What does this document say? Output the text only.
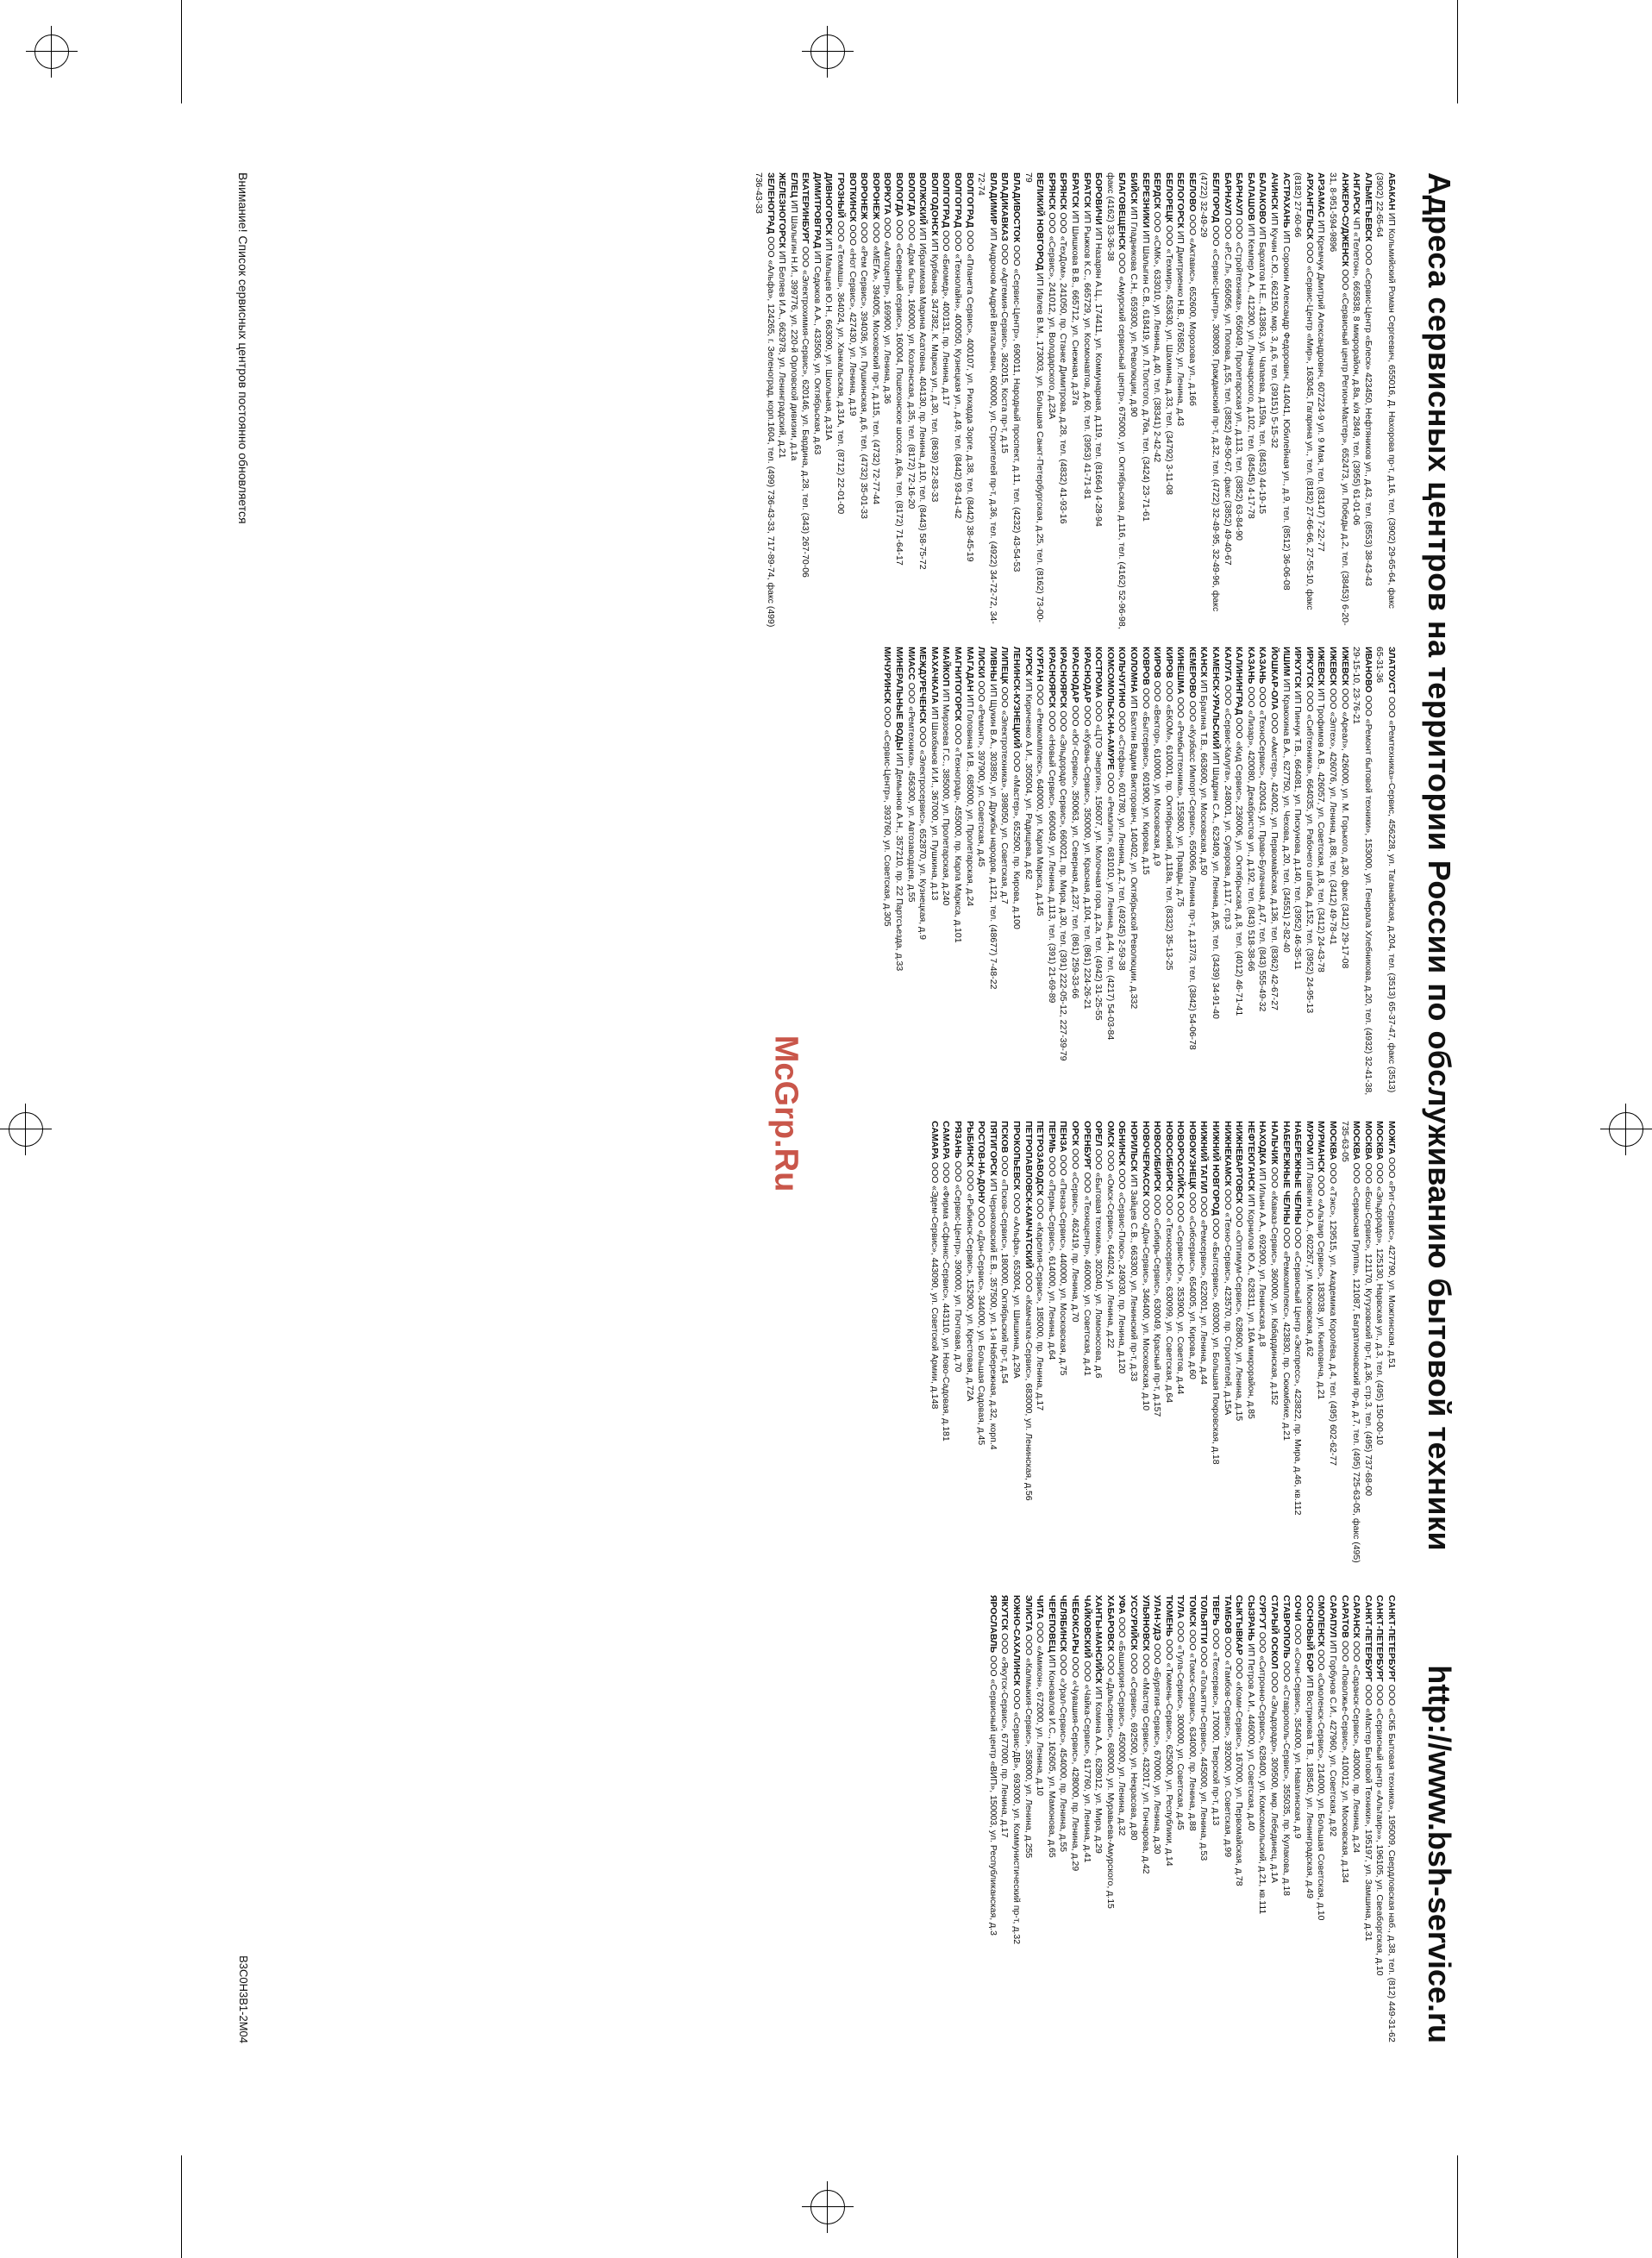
Адреса сервисных центров на территории России по обслуживанию бытовой техники
http://www.bsh-service.ru
АБАКАН ИП Кольмийский Роман Сергеевич, 655016, Д. Нахорова пр-т, д.16, тел. (3902) 29-65-64, факс (3902) 22-65-64
АЛЬМЕТЬЕВСК ООО «Сервис-Центр «Блеск» 423450, Нефтяников ул., д.43, тел. (8553) 38-43-43
АНГАРСК ЧП «Телетон», 665838, 8 микрорайон, д.8а, к/я 2849, тел. (3955) 61-01-06
АНЖЕРО-СУДЖЕНСК ООО «Сервисный центр Регион-Мастер», 652473, ул. Победы д.2, тел. (38453) 6-20-31, 8-951-594-9896
АРЗАМАС ИП Кремчук Дмитрий Александрович, 607224-9 ул. 9 Мая, тел. (83147) 7-22-77
АРХАНГЕЛЬСК ООО «Сервис-Центр «Мир», 163045, Гагарина ул., тел. (8182) 27-66-66, 27-55-10, факс (8182) 27-60-66
АСТРАХАНЬ ИП Сорокин Александр Федорович, 414041, Юбилейная ул., д.9, тел. (8512) 36-06-08
АЧИНСК ИП Кучин С.Ю., 662150, мкр. 3, д.6, тел. (39151) 5-15-32
БАЛАКОВО ИП Бархатов Н.Е., 413863, ул. Чапаева, д.159а, тел. (8453) 44-19-15
БАЛАШОВ ИП Кемпер А.А., 412300, ул. Луначарского, д.102, тел. (84545) 4-17-78
БАРНАУЛ ООО «Стройтехника», 656049, Пролетарская ул., д.113, тел. (3852) 63-84-90
БАРНАУЛ ООО «Р.С.Л», 656056, ул. Попова, д.55, тел. (3852) 49-50-67, факс (3852) 49-40-67
БЕЛГОРОД ООО «Сервис-Центр», 308009, Гражданский пр-т, д.32, тел. (4722) 32-49-95, 32-49-96, факс (4722) 32-49-29
БЕЛОВО ООО «Актавис», 652600, Морозова ул., д.16б
БЕЛОГОРСК ИП Дмитриенко Н.В., 676850, ул. Ленина, д.43
БЕЛОРЕЦК ООО «Техмир», 453630, ул. Шахмина, д.33, тел. (34792) 3-11-08
БЕРДСК ООО «СМК», 633010, ул. Ленина, д.40, тел. (38341) 2-42-42
БЕРЕЗНИКИ ИП Шалыгин С.В., 618419, ул. Л.Толстого, д.76а, тел. (3424) 23-71-61
БИЙСК ИП Гладникова С.Н., 659300, ул. Революции, д.90
БЛАГОВЕЩЕНСК ООО «Амурский сервисный центр», 675000, ул. Октябрьская, д.116, тел. (4162) 52-96-98, факс (4162) 33-36-38
БОРОВИЧИ ИП Назарян А.Ц., 174411, ул. Коммунарная, д.119, тел. (81664) 4-28-94
БРАТСК ИП Рыжков К.С., 665729, ул. Космонавтов, д.60, тел. (3953) 41-71-81
БРАТСК ИП Шишкова В.В., 665712, ул. Снежная, д.37а
БРЯНСК ООО «ТехДом», 241050, пр. Станке Димитрова, д.28, тел. (4832) 41-93-16
БРЯНСК ООО «Сервис», 241012, ул. Володарского, д.23А
ВЕЛИКИЙ НОВГОРОД ИП Ивлев В.М., 173003, ул. Большая Санкт-Петербургская, д.25, тел. (8162) 73-00-79
ВЛАДИВОСТОК ООО «Сервис-Центр», 690011, Народный проспект, д.11, тел. (4232) 43-54-53
ВЛАДИКАВКАЗ ООО «Артемия-Сервис», 362015, Коста пр-т, д.15
ВЛАДИМИР ИП Андронов Андрей Витальевич, 600000, ул. Строителей пр-т, д.36, тел. (4922) 34-72-72, 34-72-74
ВОЛГОГРАД ООО «Планета Сервис», 400107, ул. Рихарда Зорге, д.38, тел. (8442) 38-45-19
ВОЛГОГРАД ООО «Технолайн», 400050, Кузнецкая ул., д.49, тел. (8442) 93-41-42
ВОЛГОГРАД ООО «Биомед», 400131, пр. Ленина, д.17
ВОЛГОДОНСК ИП Курбанов, 347382, К. Маркса ул., д.30, тел. (8639) 22-83-33
ВОЛЖСКИЙ ИП Ибрагимова Марина Асатовна, 404130, пр. Ленина, д.10, тел. (8443) 58-75-72
ВОЛОГДА ООО «Дом быта», 160000, ул. Козленская, д.35, тел. (8172) 72-16-20
ВОЛОГДА ООО «Северный сервис», 160004, Пошехонское шоссе, д.6а, тел. (8172) 71-64-17
ВОРКУТА ООО «Автоцентр», 169900, ул. Ленина, д.36
ВОРОНЕЖ ООО «МЕГА», 394005, Московский пр-т, д.115, тел. (4732) 72-77-44
ВОРОНЕЖ ООО «Рем Сервис», 394036, ул. Пушкинская, д.6, тел. (4732) 35-01-33
ВОТКИНСК ООО «Нот Сервис», 427430, ул. Ленина, д.19
ГРОЗНЫЙ ООО «Техмаш», 364024, ул. Ханкальская, д.31А, тел. (8712) 22-01-00
ДИВНОГОРСК ИП Мальцев Ю.Н., 663090, ул. Школьная, д.31А
ДИМИТРОВГРАД ИП Седюков А.А., 433506, ул. Октябрьская, д.63
ЕКАТЕРИНБУРГ ООО «Электрохимия-Сервис», 620146, ул. Бардина, д.28, тел. (343) 267-70-06
ЕЛЕЦ ИП Шалыгин Н.И., 399776, ул. 220-й Орловской дивизии, д.1а
ЖЕЛЕЗНОГОРСК ИП Беляев И.А., 662978, ул. Ленинградский, д.21
ЗЕЛЕНОГРАД ООО «Альфа», 124265, г. Зеленоград, корп.1604, тел. (499) 736-43-33, 717-89-74, факс (499) 736-43-33
ЗЛАТОУСТ ООО «Ремтехника»-Сервис, 456228, ул. Таганайская, д.204, тел. (3513) 65-37-47, факс (3513) 65-31-36
ИВАНОВО ООО «Ремонт бытовой техники», 153000, ул. Генерала Хлебникова, д.20, тел. (4932) 32-41-38, 29-15-10, 23-76-21
ИЖЕВСК ООО «Ареал», 426000, ул. М. Горького, д.30, факс (3412) 29-17-08
ИЖЕВСК ООО «Элтех», 426076, ул. Ленина, д.88, тел. (3412) 49-78-41
ИЖЕВСК ИП Трофимов А.В., 426057, ул. Советская, д.8, тел. (3412) 24-43-78
ИРКУТСК ООО «Сибтехника», 664035, ул. Рабочего штаба, д.152, тел. (3952) 24-95-13
ИРКУТСК ИП Пинчук Т.В., 664081, ул. Пискунова, д.140, тел. (3952) 46-35-11
ИШИМ ИП Краюхина В.А., 627750, ул. Чехова, д.20, тел. (34551) 2-82-40
ЙОШКАР-ОЛА ООО «Амстер», 424002, ул. Первомайская, д.136, тел. (8362) 42-67-27
КАЗАНЬ ООО «ТехноСервис», 420043, ул. Право-Булачная, д.47, тел. (843) 555-49-32
КАЗАНЬ ООО «Лизар», 420080, Декабристов ул., д.192, тел. (843) 518-38-66
КАЛИНИНГРАД ООО «Кид Сервис», 236006, ул. Октябрьская, д.8, тел. (4012) 46-71-41
КАЛУГА ООО «Сервис-Калуга», 248001, ул. Суворова, д.117, стр.3
КАМЕНСК-УРАЛЬСКИЙ ИП Шадрин С.А., 623409, ул. Ленина, д.95, тел. (3439) 34-91-40
КАНСК ИП Брагина Т.В., 663600, ул. Московская, д.50
КЕМЕРОВО ООО «Кузбасс Импорт-Сервис», 650066, Ленина пр-т, д.137/3, тел. (3842) 54-06-78
КИНЕШМА ООО «Рембыттехника», 155800, ул. Правды, д.75
КИРОВ ООО «БКОМ», 610001, пр. Октябрьский, д.118а, тел. (8332) 35-13-25
КИРОВ ООО «Вектор», 610000, ул. Московская, д.9
КОВРОВ ООО «Бытсервис», 601900, ул. Кирова, д.15
КОЛОМНА ИП Бахтин Вадим Викторович, 140402, ул. Октябрьской Революции, д.332
КОЛЬЧУГИНО ООО «Стефан», 601780, ул. Ленина, д.2, тел. (49245) 2-59-38
КОМСОМОЛЬСК-НА-АМУРЕ ООО «Ремэлит», 681010, ул. Ленина, д.44, тел. (4217) 54-03-84
КОСТРОМА ООО «ЦТО Энергия», 156007, ул. Молочная гора, д.2а, тел. (4942) 31-25-55
КРАСНОДАР ООО «Кубань-Сервис», 350000, ул. Красная, д.104, тел. (861) 224-26-21
КРАСНОДАР ООО «Юг-Сервис», 350063, ул. Северная, д.237, тел. (861) 259-33-66
КРАСНОЯРСК ООО «Эльдорадо Сервис», 660021, пр. Мира, д.30, тел. (391) 222-05-12, 227-39-79
КРАСНОЯРСК ООО «Новый Сервис», 660049, ул. Ленина, д.113, тел. (391) 21-69-89
КУРГАН ООО «Ремкомплекс», 640000, ул. Карла Маркса, д.145
КУРСК ИП Кириченко А.И., 305004, ул. Радищева, д.62
ЛЕНИНСК-КУЗНЕЦКИЙ ООО «Мастер», 652500, пр. Кирова, д.100
ЛИПЕЦК ООО «Электротехника», 398050, ул. Советская, д.7
ЛИВНЫ ИП Щукин В.А., 303850, ул. Дружбы народов, д.121, тел. (48677) 7-48-22
ЛИСКИ ООО «Ремонт», 397900, ул. Советская, д.45
МАГАДАН ИП Головина И.В., 685000, ул. Пролетарская, д.24
МАГНИТОГОРСК ООО «Техноград», 455000, пр. Карла Маркса, д.101
МАЙКОП ИП Мирзоева Г.С., 385000, ул. Пролетарская, д.240
МАХАЧКАЛА ИП Шахбанов И.И., 367000, ул. Пушкина, д.13
МЕЖДУРЕЧЕНСК ООО «Электросервис», 652870, ул. Кузнецкая, д.9
МИАСС ООО «Ремтехника», 456300, ул. Автозаводцев, д.55
МИНЕРАЛЬНЫЕ ВОДЫ ИП Демьянов А.Н., 357210, пр. 22 Партсъезда, д.33
МИЧУРИНСК ООО «Сервис-Центр», 393760, ул. Советская, д.305
МОЖГА ООО «Рит-Сервис», 427790, ул. Можгинская, д.51
МОСКВА ООО «Эльдорадо», 125130, Нарвская ул., д.3, тел. (495) 150-00-10
МОСКВА ООО «Бош-Сервис», 121170, Кутузовский пр-т, д.36, стр.3, тел. (495) 737-68-00
МОСКВА ООО «Сервисная Группа», 121087, Багратионовский пр-д, д.7, тел. (495) 725-63-05, факс (495) 735-63-05
МОСКВА ООО «Тэкс», 129515, ул. Академика Королёва, д.4, тел. (495) 602-62-77
МУРМАНСК ООО «Альтаир Сервис», 183038, ул. Книповича, д.21
МУРОМ ИП Ловягин Ю.А., 602267, ул. Московская, д.62
НАБЕРЕЖНЫЕ ЧЕЛНЫ ООО «Сервисный Центр «Экспресс», 423822, пр. Мира, д.46, кв.112
НАБЕРЕЖНЫЕ ЧЕЛНЫ ООО «Ремкомплекс», 423830, пр. Сююмбике, д.21
НАЛЬЧИК ООО «Кавказ-Сервис», 360000, ул. Кабардинская, д.152
НАХОДКА ИП Ильин А.А., 692900, ул. Ленинская, д.8
НЕФТЕЮГАНСК ИП Корнилов Ю.А., 628311, ул. 16А микрорайон, д.85
НИЖНЕВАРТОВСК ООО «Оптимум-Сервис», 628600, ул. Ленина, д.15
НИЖНЕКАМСК ООО «Техно-Сервис», 423570, пр. Строителей, д.15А
НИЖНИЙ НОВГОРОД ООО «Бытсервис», 603000, ул. Большая Покровская, д.18
НИЖНИЙ ТАГИЛ ООО «Ремсервис», 622001, ул. Ленина, д.44
НОВОКУЗНЕЦК ООО «Сибсервис», 654005, ул. Кирова, д.60
НОВОРОССИЙСК ООО «Сервис-Юг», 353900, ул. Советов, д.44
НОВОСИБИРСК ООО «Техносервис», 630099, ул. Советская, д.64
НОВОСИБИРСК ООО «Сибирь-Сервис», 630049, Красный пр-т, д.157
НОВОЧЕРКАССК ООО «Дон-Сервис», 346400, ул. Московская, д.10
НОРИЛЬСК ИП Зайцев С.В., 663300, ул. Ленинский пр-т, д.33
ОБНИНСК ООО «Сервис-Плюс», 249030, пр. Ленина, д.120
ОМСК ООО «Омск-Сервис», 644024, ул. Ленина, д.22
ОРЕЛ ООО «Бытовая техника», 302040, ул. Ломоносова, д.6
ОРЕНБУРГ ООО «Техноцентр», 460000, ул. Советская, д.41
ОРСК ООО «Сервис», 462419, пр. Ленина, д.70
ПЕНЗА ООО «Пенза-Сервис», 440000, ул. Московская, д.75
ПЕРМЬ ООО «Пермь-Сервис», 614000, ул. Ленина, д.64
ПЕТРОЗАВОДСК ООО «Карелия-Сервис», 185000, пр. Ленина, д.17
ПЕТРОПАВЛОВСК-КАМЧАТСКИЙ ООО «Камчатка-Сервис», 683000, ул. Ленинская, д.56
ПРОКОПЬЕВСК ООО «Альфа», 653004, ул. Шишкина, д.29А
ПСКОВ ООО «Псков-Сервис», 180000, Октябрьский пр-т, д.54
ПЯТИГОРСК ИП Черняховский Е.В., 357500, ул. 1-я Набережная, д.32, корп.4
РОСТОВ-НА-ДОНУ ООО «Дон-Сервис», 344000, ул. Большая Садовая, д.45
РЫБИНСК ООО «Рыбинск-Сервис», 152900, ул. Крестовая, д.72А
РЯЗАНЬ ООО «Сервис-Центр», 390000, ул. Почтовая, д.70
САМАРА ООО «Фирма «Сфинкс-Сервис», 443110, ул. Ново-Садовая, д.181
САМАРА ООО «Эдем-Сервис», 443090, ул. Советской Армии, д.148
САНКТ-ПЕТЕРБУРГ ООО «СКБ Бытовая техника», 195009, Свердловская наб., д.38, тел. (812) 449-31-62
САНКТ-ПЕТЕРБУРГ ООО «Сервисный центр «Альтаир»», 196105, ул. Свеаборгская, д.10
САНКТ-ПЕТЕРБУРГ ООО «Мастер Бытовой Техники», 195197, ул. Замшина, д.31
САРАНСК ООО «Саранск-Сервис», 430000, пр. Ленина, д.24
САРАТОВ ООО «Поволжье-Сервис», 410012, ул. Московская, д.134
САРАПУЛ ИП Горбунов С.И., 427960, ул. Советская, д.92
СМОЛЕНСК ООО «Смоленск-Сервис», 214000, ул. Большая Советская, д.10
СОСНОВЫЙ БОР ИП Вострикова Т.В., 188540, ул. Ленинградская, д.49
СОЧИ ООО «Сочи-Сервис», 354000, ул. Навагинская, д.9
СТАВРОПОЛЬ ООО «Ставрополь-Сервис», 355035, пр. Кулакова, д.18
СТАРЫЙ ОСКОЛ ООО «Эльдорадо», 309500, мкр. Лебединец, д.1А
СУРГУТ ООО «Ситронно-Сервис», 628400, ул. Комсомольский, д.21, кв.111
СЫЗРАНЬ ИП Петров А.И., 446000, ул. Советская, д.40
СЫКТЫВКАР ООО «Коми-Сервис», 167000, ул. Первомайская, д.78
ТАМБОВ ООО «Тамбов-Сервис», 392000, ул. Советская, д.99
ТВЕРЬ ООО «Техсервис», 170000, Тверской пр-т, д.13
ТОЛЬЯТТИ ООО «Тольятти-Сервис», 445000, ул. Ленина, д.53
ТОМСК ООО «Томск-Сервис», 634000, пр. Ленина, д.88
ТУЛА ООО «Тула-Сервис», 300000, ул. Советская, д.45
ТЮМЕНЬ ООО «Тюмень-Сервис», 625000, ул. Республики, д.14
УЛАН-УДЭ ООО «Бурятия-Сервис», 670000, ул. Ленина, д.30
УЛЬЯНОВСК ООО «Мастер Сервис», 432017, ул. Гончарова, д.42
УССУРИЙСК ООО «Сервис», 692500, ул. Некрасова, д.80
УФА ООО «Башкирия-Сервис», 450000, ул. Ленина, д.32
ХАБАРОВСК ООО «Дальсервис», 680000, ул. Муравьева-Амурского, д.15
ХАНТЫ-МАНСИЙСК ИП Комина А.А., 628012, ул. Мира, д.29
ЧАЙКОВСКИЙ ООО «Чайка-Сервис», 617760, ул. Ленина, д.41
ЧЕБОКСАРЫ ООО «Чувашия-Сервис», 428000, пр. Ленина, д.29
ЧЕЛЯБИНСК ООО «Урал-Сервис», 454000, пр. Ленина, д.55
ЧЕРЕПОВЕЦ ИП Коновалов И.С., 162605, ул. Мамонова, д.65
ЧИТА ООО «Амикон», 672000, ул. Ленина, д.10
ЭЛИСТА ООО «Калмыкия-Сервис», 358000, ул. Ленина, д.255
ЮЖНО-САХАЛИНСК ООО «Сервис-ДВ», 693000, ул. Коммунистический пр-т, д.32
ЯКУТСК ООО «Якутск-Сервис», 677000, пр. Ленина, д.17
ЯРОСЛАВЛЬ ООО «Сервисный центр «ВИП», 150003, ул. Республиканская, д.3
Внимание! Список сервисных центров постоянно обновляется
B3C0H3B1-2M04
McGrp.Ru
